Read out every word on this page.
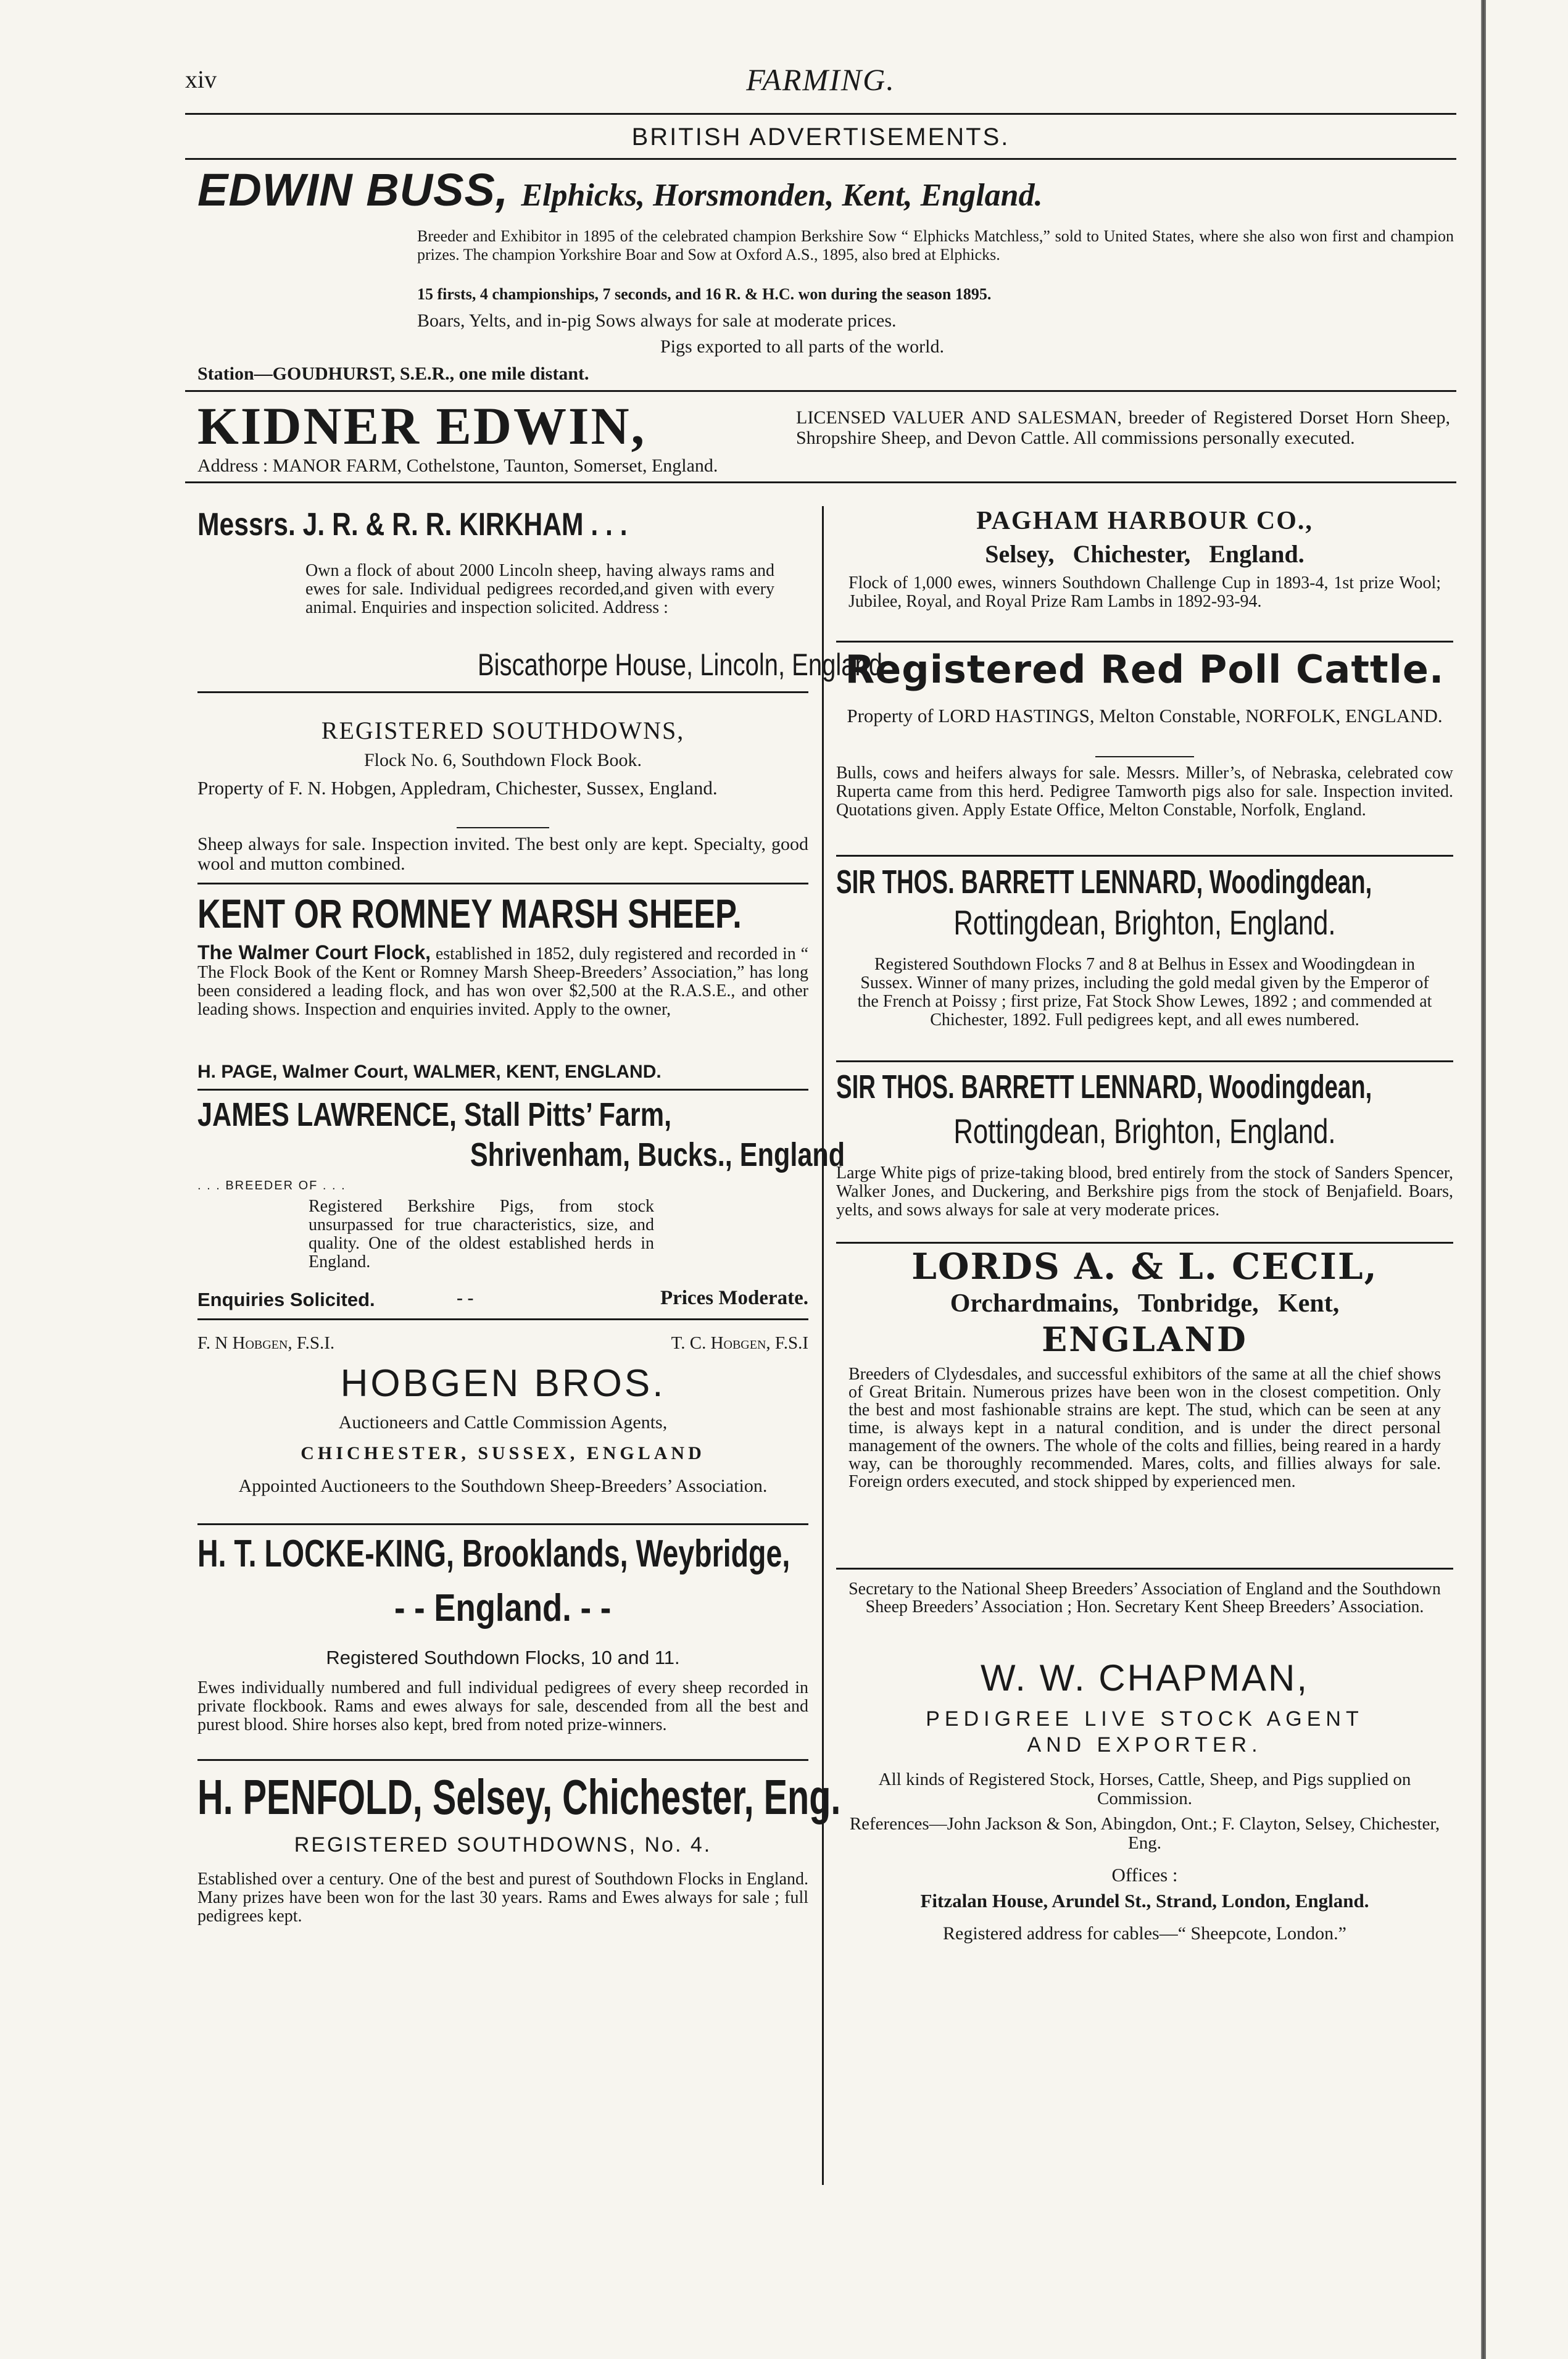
xiv	FARMING.
BRITISH ADVERTISEMENTS.
EDWIN BUSS, Elphicks, Horsmonden, Kent, England.
Breeder and Exhibitor in 1895 of the celebrated champion Berkshire Sow “ Elphicks Matchless,” sold to United States, where she also won first and champion prizes. The champion Yorkshire Boar and Sow at Oxford A.S., 1895, also bred at Elphicks.
15 firsts, 4 championships, 7 seconds, and 16 R. & H.C. won during the season 1895.
Boars, Yelts, and in-pig Sows always for sale at moderate prices.
Pigs exported to all parts of the world.
Station—GOUDHURST, S.E.R., one mile distant.
KIDNER EDWIN,	LICENSED VALUER AND SALESMAN, breeder of Registered Dorset Horn Sheep, Shropshire Sheep, and Devon Cattle. All commissions personally executed.
Address : MANOR FARM, Cothelstone, Taunton, Somerset, England.
Messrs. J. R. & R. R. KIRKHAM . . .
Own a flock of about 2000 Lincoln sheep, having always rams and ewes for sale. Individual pedigrees recorded,and given with every animal. Enquiries and inspection solicited. Address :
Biscathorpe House, Lincoln, England
REGISTERED SOUTHDOWNS,
Flock No. 6, Southdown Flock Book.
Property of F. N. Hobgen, Appledram, Chichester, Sussex, England.
Sheep always for sale. Inspection invited. The best only are kept. Specialty, good wool and mutton combined.
KENT OR ROMNEY MARSH SHEEP.
The Walmer Court Flock, established in 1852, duly registered and recorded in “ The Flock Book of the Kent or Romney Marsh Sheep-Breeders’ Association,” has long been considered a leading flock, and has won over $2,500 at the R.A.S.E., and other leading shows. Inspection and enquiries invited. Apply to the owner,
H. PAGE, Walmer Court, WALMER, KENT, ENGLAND.
JAMES LAWRENCE, Stall Pitts’ Farm,
Shrivenham, Bucks., England
. . . BREEDER OF . . .
Registered Berkshire Pigs, from stock unsurpassed for true characteristics, size, and quality. One of the oldest established herds in England.
Enquiries Solicited.	- -	Prices Moderate.
F. N Hobgen, F.S.I.	T. C. Hobgen, F.S.I
HOBGEN BROS.
Auctioneers and Cattle Commission Agents,
CHICHESTER, SUSSEX, ENGLAND
Appointed Auctioneers to the Southdown Sheep-Breeders’ Association.
H. T. LOCKE-KING, Brooklands, Weybridge,
- - England. - -
Registered Southdown Flocks, 10 and 11.
Ewes individually numbered and full individual pedigrees of every sheep recorded in private flockbook. Rams and ewes always for sale, descended from all the best and purest blood. Shire horses also kept, bred from noted prize-winners.
H. PENFOLD, Selsey, Chichester, Eng.
REGISTERED SOUTHDOWNS, No. 4.
Established over a century. One of the best and purest of Southdown Flocks in England. Many prizes have been won for the last 30 years. Rams and Ewes always for sale ; full pedigrees kept.
PAGHAM HARBOUR CO.,
Selsey,   Chichester,   England.
Flock of 1,000 ewes, winners Southdown Challenge Cup in 1893-4, 1st prize Wool; Jubilee, Royal, and Royal Prize Ram Lambs in 1892-93-94.
Registered Red Poll Cattle.
Property of LORD HASTINGS, Melton Constable, NORFOLK, ENGLAND.
Bulls, cows and heifers always for sale. Messrs. Miller’s, of Nebraska, celebrated cow Ruperta came from this herd. Pedigree Tamworth pigs also for sale. Inspection invited. Quotations given. Apply Estate Office, Melton Constable, Norfolk, England.
SIR THOS. BARRETT LENNARD, Woodingdean,
Rottingdean, Brighton, England.
Registered Southdown Flocks 7 and 8 at Belhus in Essex and Woodingdean in Sussex. Winner of many prizes, including the gold medal given by the Emperor of the French at Poissy ; first prize, Fat Stock Show Lewes, 1892 ; and commended at Chichester, 1892. Full pedigrees kept, and all ewes numbered.
SIR THOS. BARRETT LENNARD, Woodingdean,
Rottingdean, Brighton, England.
Large White pigs of prize-taking blood, bred entirely from the stock of Sanders Spencer, Walker Jones, and Duckering, and Berkshire pigs from the stock of Benjafield. Boars, yelts, and sows always for sale at very moderate prices.
LORDS A. & L. CECIL,
Orchardmains,   Tonbridge,   Kent,
ENGLAND
Breeders of Clydesdales, and successful exhibitors of the same at all the chief shows of Great Britain. Numerous prizes have been won in the closest competition. Only the best and most fashionable strains are kept. The stud, which can be seen at any time, is always kept in a natural condition, and is under the direct personal management of the owners. The whole of the colts and fillies, being reared in a hardy way, can be thoroughly recommended. Mares, colts, and fillies always for sale. Foreign orders executed, and stock shipped by experienced men.
Secretary to the National Sheep Breeders’ Association of England and the Southdown Sheep Breeders’ Association ; Hon. Secretary Kent Sheep Breeders’ Association.
W. W. CHAPMAN,
PEDIGREE LIVE STOCK AGENT
AND EXPORTER.
All kinds of Registered Stock, Horses, Cattle, Sheep, and Pigs supplied on Commission.
References—John Jackson & Son, Abingdon, Ont.; F. Clayton, Selsey, Chichester, Eng.
Offices :
Fitzalan House, Arundel St., Strand, London, England.
Registered address for cables—“ Sheepcote, London.”
